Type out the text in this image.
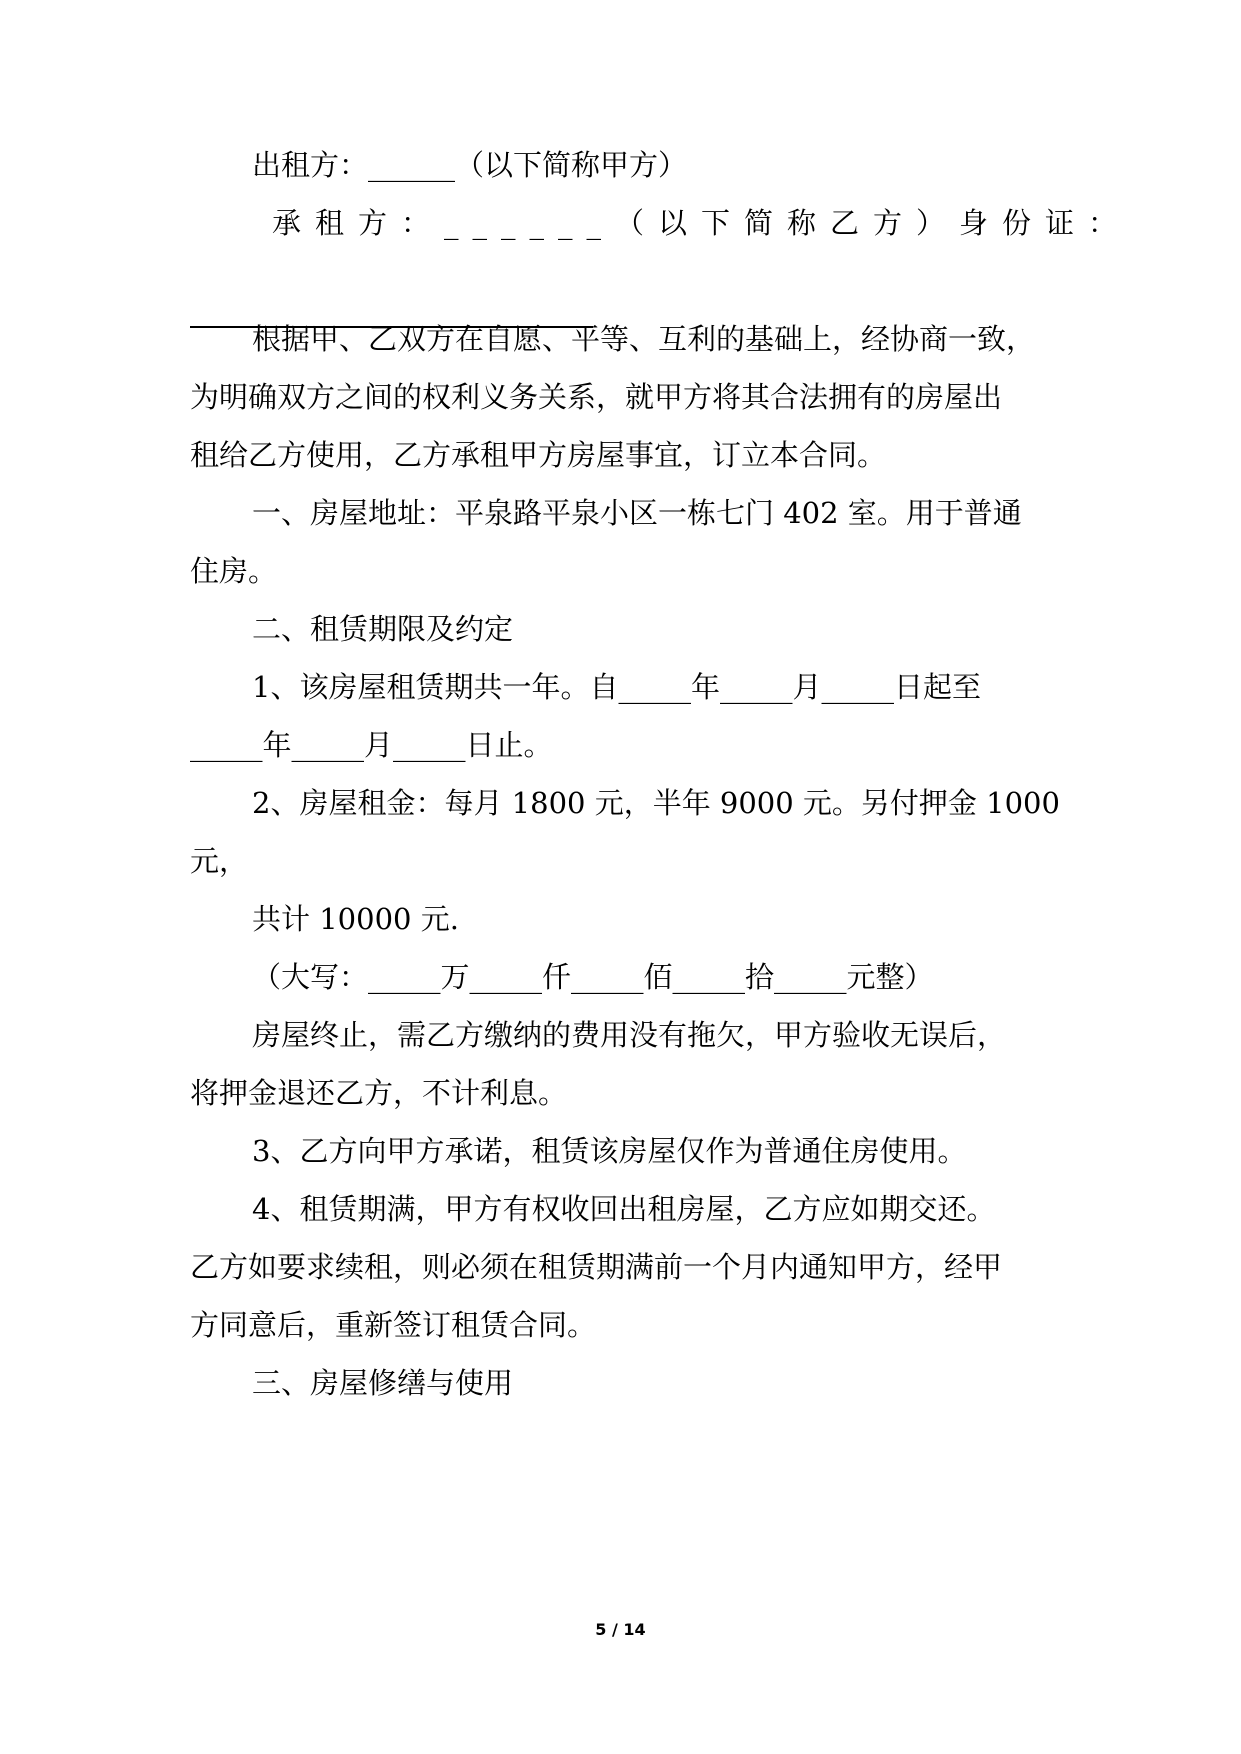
出租方：______（以下简称甲方）
承租方：______（以下简称乙方）身份证：
根据甲、乙双方在自愿、平等、互利的基础上，经协商一致，
为明确双方之间的权利义务关系，就甲方将其合法拥有的房屋出
租给乙方使用，乙方承租甲方房屋事宜，订立本合同。
一、房屋地址：平泉路平泉小区一栋七门 402 室。用于普通
住房。
二、租赁期限及约定
1、该房屋租赁期共一年。自_____年_____月_____日起至
_____年_____月_____日止。
2、房屋租金：每月 1800 元，半年 9000 元。另付押金 1000
元，
共计 10000 元.
（大写：_____万_____仟_____佰_____拾_____元整）
房屋终止，需乙方缴纳的费用没有拖欠，甲方验收无误后，
将押金退还乙方，不计利息。
3、乙方向甲方承诺，租赁该房屋仅作为普通住房使用。
4、租赁期满，甲方有权收回出租房屋，乙方应如期交还。
乙方如要求续租，则必须在租赁期满前一个月内通知甲方，经甲
方同意后，重新签订租赁合同。
三、房屋修缮与使用
5 / 14
